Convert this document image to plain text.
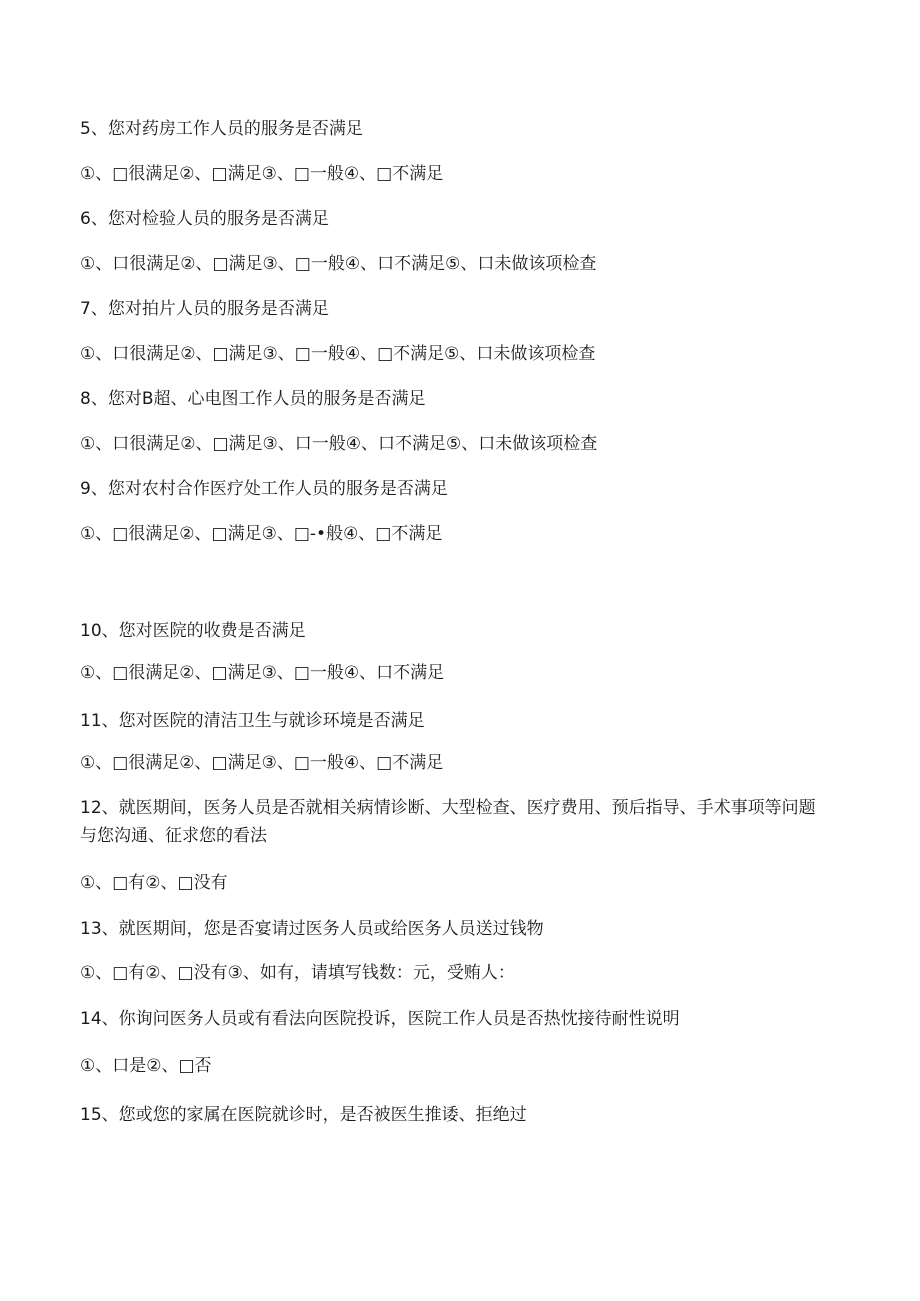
5、您对药房工作人员的服务是否满足
①、□很满足②、□满足③、□一般④、□不满足
6、您对检验人员的服务是否满足
①、口很满足②、□满足③、□一般④、口不满足⑤、口未做该项检查
7、您对拍片人员的服务是否满足
①、口很满足②、□满足③、□一般④、□不满足⑤、口未做该项检查
8、您对B超、心电图工作人员的服务是否满足
①、口很满足②、□满足③、口一般④、口不满足⑤、口未做该项检查
9、您对农村合作医疗处工作人员的服务是否满足
①、□很满足②、□满足③、□-•般④、□不满足
10、您对医院的收费是否满足
①、□很满足②、□满足③、□一般④、口不满足
11、您对医院的清洁卫生与就诊环境是否满足
①、□很满足②、□满足③、□一般④、□不满足
12、就医期间，医务人员是否就相关病情诊断、大型检查、医疗费用、预后指导、手术事项等问题与您沟通、征求您的看法
①、□有②、□没有
13、就医期间，您是否宴请过医务人员或给医务人员送过钱物
①、□有②、□没有③、如有，请填写钱数：元，受贿人：
14、你询问医务人员或有看法向医院投诉，医院工作人员是否热忱接待耐性说明
①、口是②、□否
15、您或您的家属在医院就诊时，是否被医生推诿、拒绝过
